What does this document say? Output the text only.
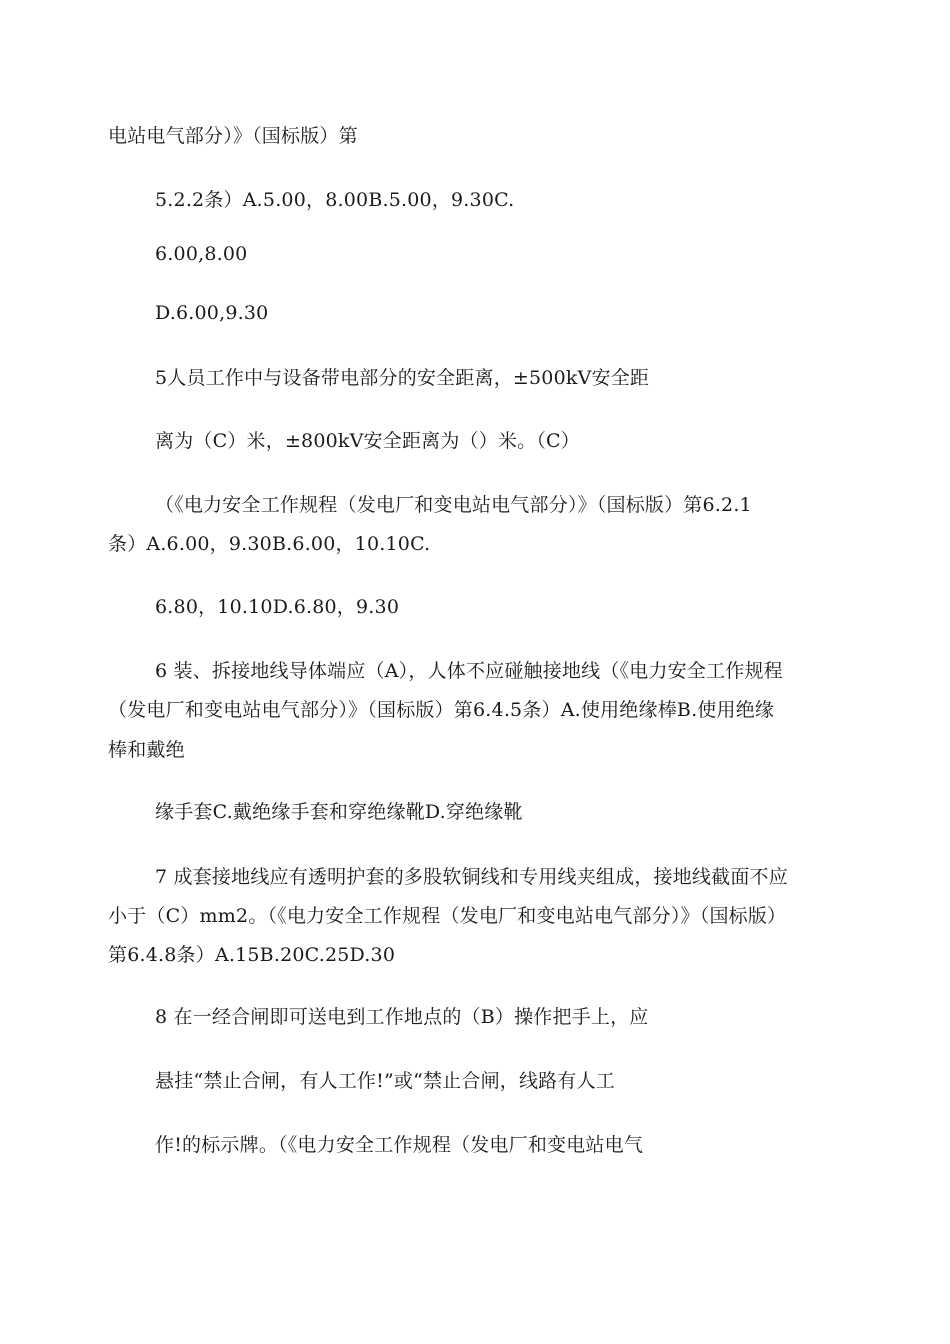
电站电气部分）》（国标版）第
5.2.2条）A.5.00，8.00B.5.00，9.30C.
6.00,8.00
D.6.00,9.30
5人员工作中与设备带电部分的安全距离，±500kV安全距
离为（C）米，±800kV安全距离为（）米。（C）
（《电力安全工作规程（发电厂和变电站电气部分）》（国标版）第6.2.1
条）A.6.00，9.30B.6.00，10.10C.
6.80，10.10D.6.80，9.30
6 装、拆接地线导体端应（A），人体不应碰触接地线（《电力安全工作规程
（发电厂和变电站电气部分）》（国标版）第6.4.5条）A.使用绝缘棒B.使用绝缘
棒和戴绝
缘手套C.戴绝缘手套和穿绝缘靴D.穿绝缘靴
7 成套接地线应有透明护套的多股软铜线和专用线夹组成，接地线截面不应
小于（C）mm2。（《电力安全工作规程（发电厂和变电站电气部分）》（国标版）
第6.4.8条）A.15B.20C.25D.30
8 在一经合闸即可送电到工作地点的（B）操作把手上，应
悬挂“禁止合闸，有人工作!”或“禁止合闸，线路有人工
作!的标示牌。（《电力安全工作规程（发电厂和变电站电气
